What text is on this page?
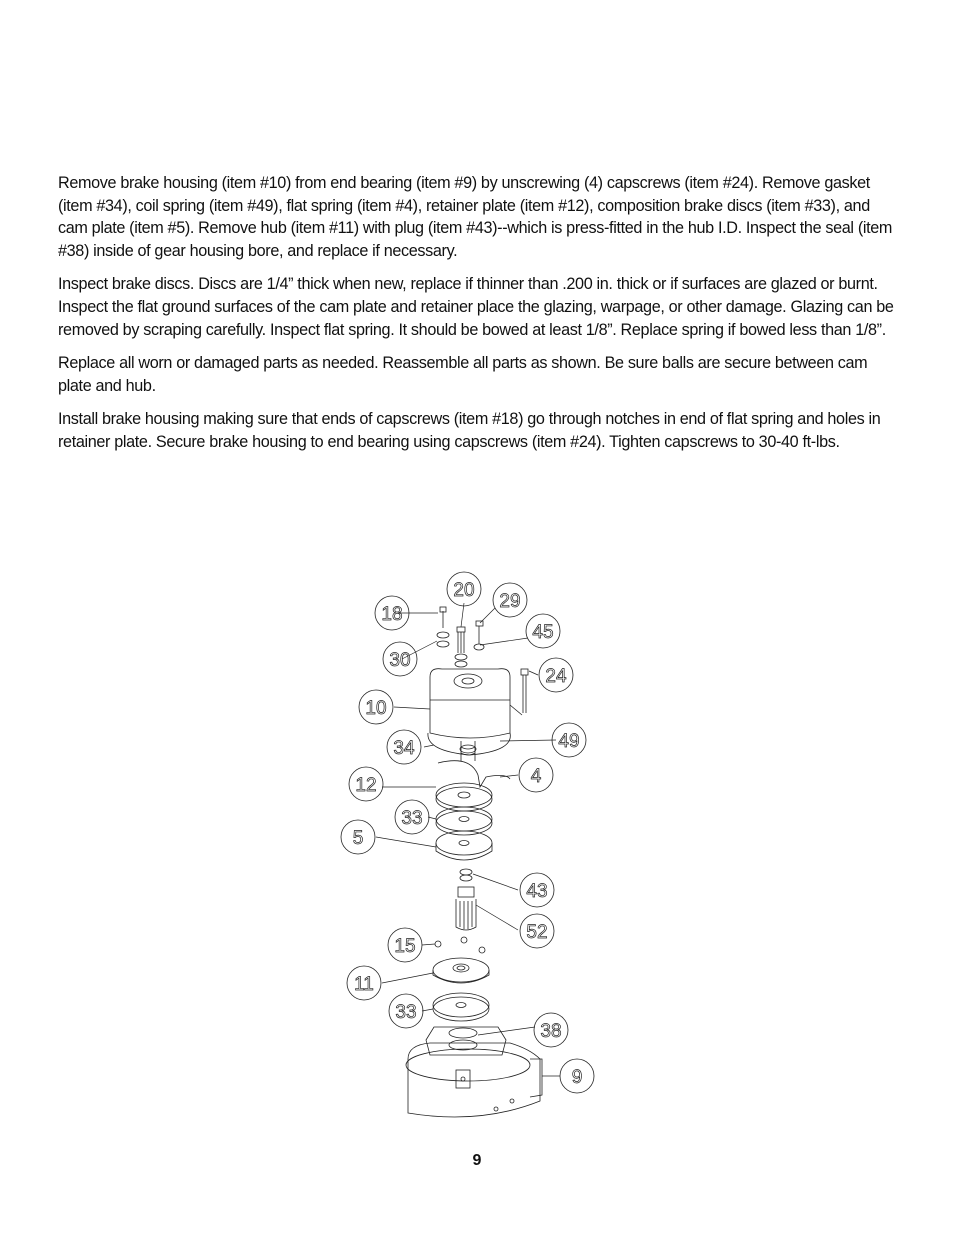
Remove brake housing (item #10) from end bearing (item #9) by unscrewing (4) capscrews (item #24). Remove gasket (item #34), coil spring (item #49), flat spring (item #4), retainer plate (item #12), composition brake discs (item #33), and cam plate (item #5). Remove hub (item #11) with plug (item #43)--which is press-fitted in the hub I.D. Inspect the seal (item #38) inside of gear housing bore, and replace if necessary.

Inspect brake discs. Discs are 1/4” thick when new, replace if thinner than .200 in. thick or if surfaces are glazed or burnt. Inspect the flat ground surfaces of the cam plate and retainer place the glazing, warpage, or other damage. Glazing can be removed by scraping carefully. Inspect flat spring. It should be bowed at least 1/8”. Replace spring if bowed less than 1/8”.

Replace all worn or damaged parts as needed. Reassemble all parts as shown. Be sure balls are secure between cam plate and hub.

Install brake housing making sure that ends of capscrews (item #18) go through notches in end of flat spring and holes in retainer plate. Secure brake housing to end bearing using capscrews (item #24). Tighten capscrews to 30-40 ft-lbs.

18
20
29
45
30
24
10
49
34
4
12
33
5
43
52
15
11
33
38
9
9
